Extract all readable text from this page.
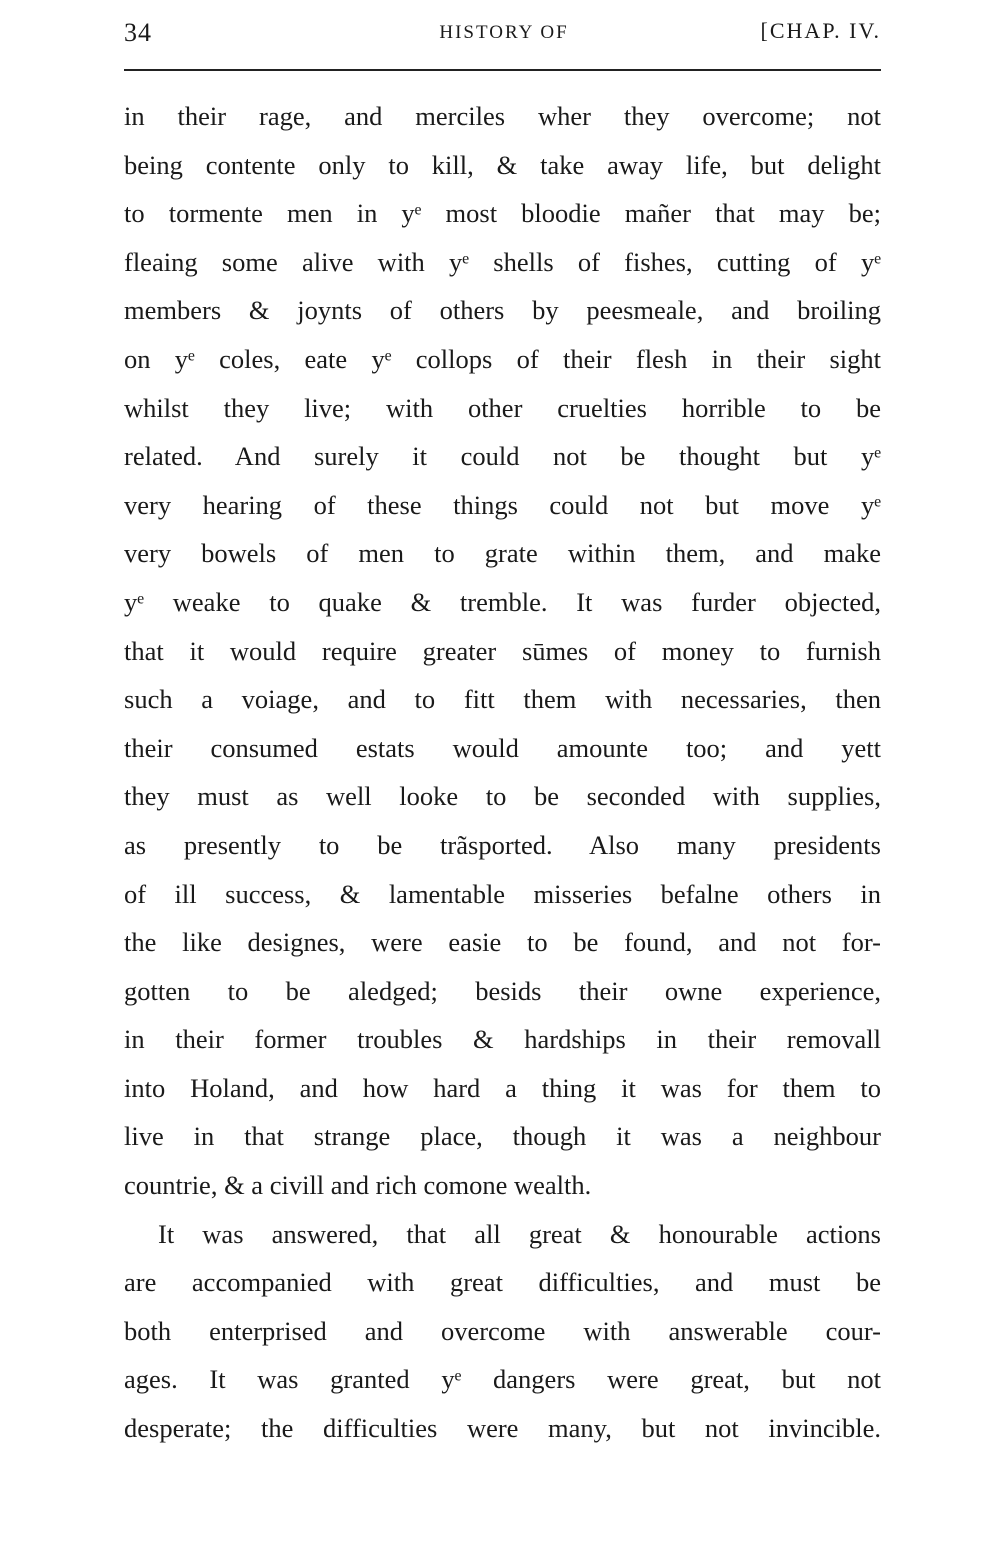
34	HISTORY OF	[CHAP. IV.
in their rage, and merciles wher they overcome; not
being contente only to kill, & take away life, but delight
to tormente men in yᵉ most bloodie mañer that may be;
fleaing some alive with yᵉ shells of fishes, cutting of yᵉ
members & joynts of others by peesmeale, and broiling
on yᵉ coles, eate yᵉ collops of their flesh in their sight
whilst they live; with other cruelties horrible to be
related. And surely it could not be thought but yᵉ
very hearing of these things could not but move yᵉ
very bowels of men to grate within them, and make
yᵉ weake to quake & tremble. It was furder objected,
that it would require greater sūmes of money to furnish
such a voiage, and to fitt them with necessaries, then
their consumed estats would amounte too; and yett
they must as well looke to be seconded with supplies,
as presently to be trãsported. Also many presidents
of ill success, & lamentable misseries befalne others in
the like designes, were easie to be found, and not for-
gotten to be aledged; besids their owne experience,
in their former troubles & hardships in their removall
into Holand, and how hard a thing it was for them to
live in that strange place, though it was a neighbour
countrie, & a civill and rich comone wealth.
It was answered, that all great & honourable actions
are accompanied with great difficulties, and must be
both enterprised and overcome with answerable cour-
ages. It was granted yᵉ dangers were great, but not
desperate; the difficulties were many, but not invincible.
